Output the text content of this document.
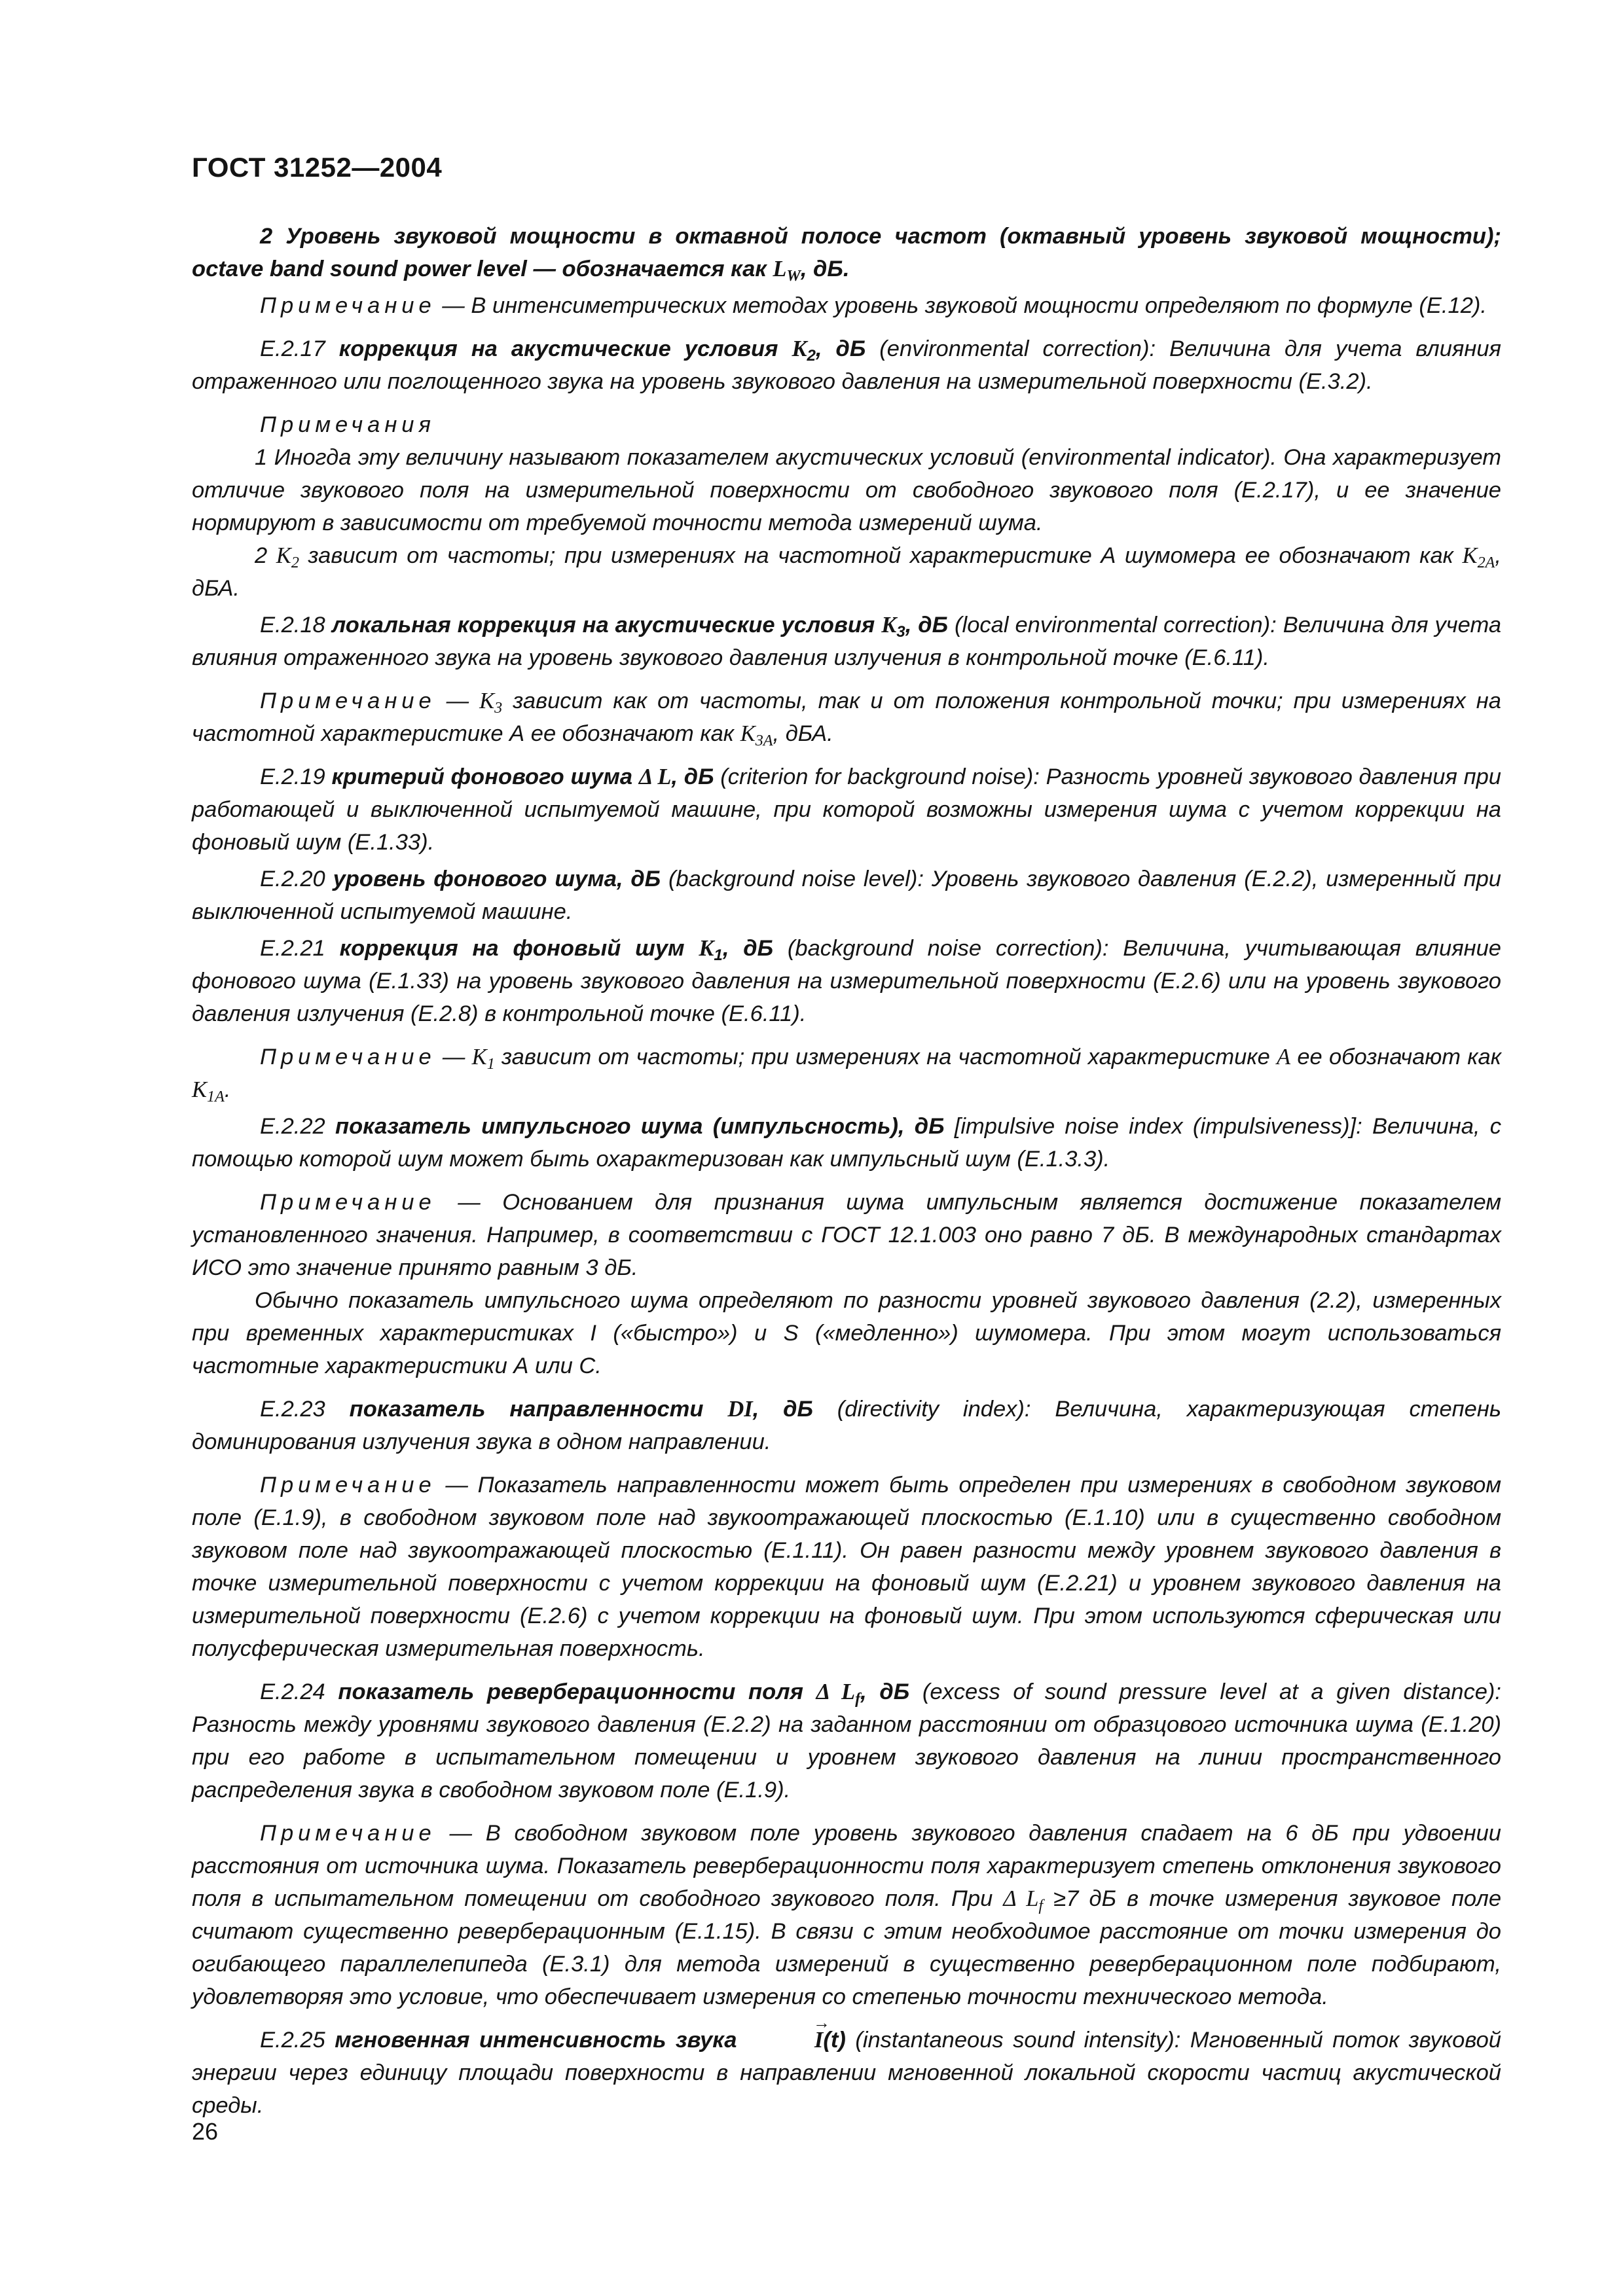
ГОСТ 31252—2004

2 Уровень звуковой мощности в октавной полосе частот (октавный уровень звуковой мощности); octave band sound power level — обозначается как $L_W$, дБ.

Примечание — В интенсиметрических методах уровень звуковой мощности определяют по формуле (Е.12).

Е.2.17 коррекция на акустические условия $K_2$, дБ (environmental correction): Величина для учета влияния отраженного или поглощенного звука на уровень звукового давления на измерительной поверхности (Е.3.2).

Примечания

1 Иногда эту величину называют показателем акустических условий (environmental indicator). Она характеризует отличие звукового поля на измерительной поверхности от свободного звукового поля (Е.2.17), и ее значение нормируют в зависимости от требуемой точности метода измерений шума.

2 $K_2$ зависит от частоты; при измерениях на частотной характеристике А шумомера ее обозначают как $K_{2A}$, дБА.

Е.2.18 локальная коррекция на акустические условия $K_3$, дБ (local environmental correction): Величина для учета влияния отраженного звука на уровень звукового давления излучения в контрольной точке (Е.6.11).

Примечание — $K_3$ зависит как от частоты, так и от положения контрольной точки; при измерениях на частотной характеристике А ее обозначают как $K_{3A}$, дБА.

Е.2.19 критерий фонового шума Δ L, дБ (criterion for background noise): Разность уровней звукового давления при работающей и выключенной испытуемой машине, при которой возможны измерения шума с учетом коррекции на фоновый шум (Е.1.33).

Е.2.20 уровень фонового шума, дБ (background noise level): Уровень звукового давления (Е.2.2), измеренный при выключенной испытуемой машине.

Е.2.21 коррекция на фоновый шум $K_1$, дБ (background noise correction): Величина, учитывающая влияние фонового шума (Е.1.33) на уровень звукового давления на измерительной поверхности (Е.2.6) или на уровень звукового давления излучения (Е.2.8) в контрольной точке (Е.6.11).

Примечание — $K_1$ зависит от частоты; при измерениях на частотной характеристике A ее обозначают как $K_{1A}$.

Е.2.22 показатель импульсного шума (импульсность), дБ [impulsive noise index (impulsiveness)]: Величина, с помощью которой шум может быть охарактеризован как импульсный шум (Е.1.3.3).

Примечание — Основанием для признания шума импульсным является достижение показателем установленного значения. Например, в соответствии с ГОСТ 12.1.003 оно равно 7 дБ. В международных стандартах ИСО это значение принято равным 3 дБ.

Обычно показатель импульсного шума определяют по разности уровней звукового давления (2.2), измеренных при временных характеристиках I («быстро») и S («медленно») шумомера. При этом могут использоваться частотные характеристики А или С.

Е.2.23 показатель направленности DI, дБ (directivity index): Величина, характеризующая степень доминирования излучения звука в одном направлении.

Примечание — Показатель направленности может быть определен при измерениях в свободном звуковом поле (Е.1.9), в свободном звуковом поле над звукоотражающей плоскостью (Е.1.10) или в существенно свободном звуковом поле над звукоотражающей плоскостью (Е.1.11). Он равен разности между уровнем звукового давления в точке измерительной поверхности с учетом коррекции на фоновый шум (Е.2.21) и уровнем звукового давления на измерительной поверхности (Е.2.6) с учетом коррекции на фоновый шум. При этом используются сферическая или полусферическая измерительная поверхность.

Е.2.24 показатель реверберационности поля Δ $L_f$, дБ (excess of sound pressure level at a given distance): Разность между уровнями звукового давления (Е.2.2) на заданном расстоянии от образцового источника шума (Е.1.20) при его работе в испытательном помещении и уровнем звукового давления на линии пространственного распределения звука в свободном звуковом поле (Е.1.9).

Примечание — В свободном звуковом поле уровень звукового давления спадает на 6 дБ при удвоении расстояния от источника шума. Показатель реверберационности поля характеризует степень отклонения звукового поля в испытательном помещении от свободного звукового поля. При Δ $L_f \ge 7$ дБ в точке измерения звуковое поле считают существенно реверберационным (Е.1.15). В связи с этим необходимое расстояние от точки измерения до огибающего параллелепипеда (Е.3.1) для метода измерений в существенно реверберационном поле подбирают, удовлетворяя это условие, что обеспечивает измерения со степенью точности технического метода.

Е.2.25 мгновенная интенсивность звука →	I(t) (instantaneous sound intensity): Мгновенный поток звуковой энергии через единицу площади поверхности в направлении мгновенной локальной скорости частиц акустической среды.

26
